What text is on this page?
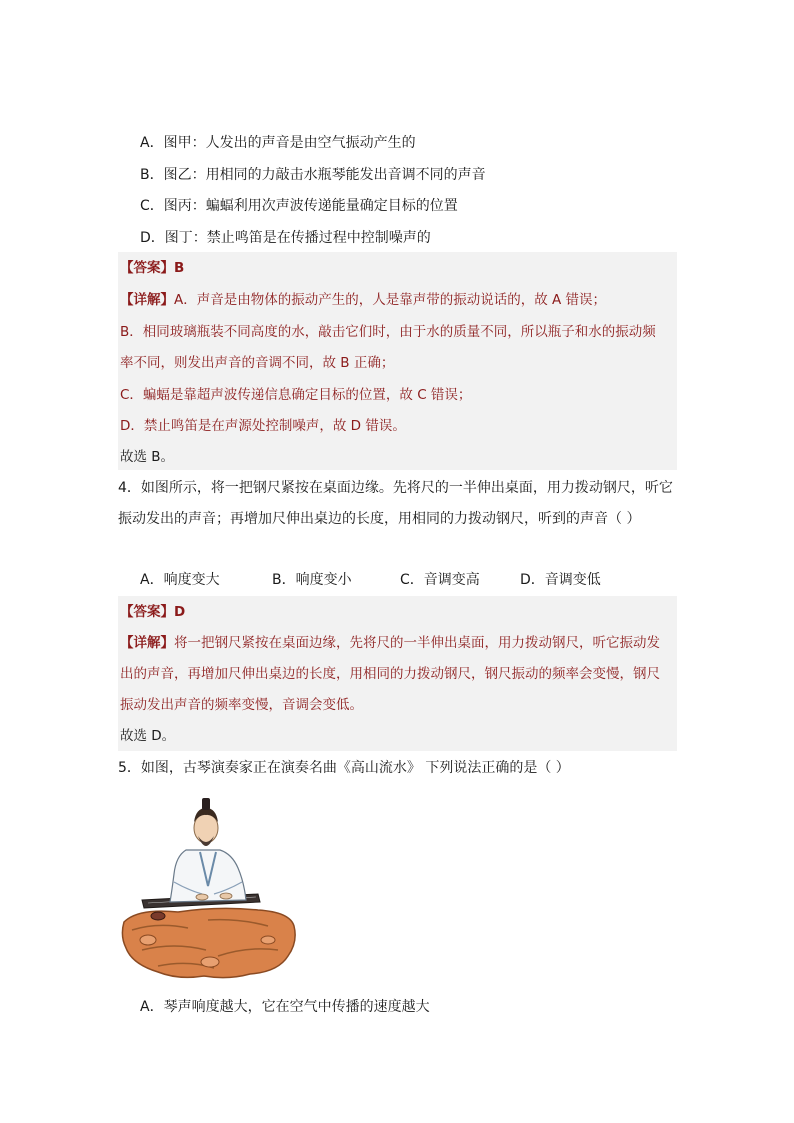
A．图甲：人发出的声音是由空气振动产生的
B．图乙：用相同的力敲击水瓶琴能发出音调不同的声音
C．图丙：蝙蝠利用次声波传递能量确定目标的位置
D．图丁：禁止鸣笛是在传播过程中控制噪声的
【答案】B
【详解】A．声音是由物体的振动产生的，人是靠声带的振动说话的，故 A 错误；
B．相同玻璃瓶装不同高度的水，敲击它们时，由于水的质量不同，所以瓶子和水的振动频
率不同，则发出声音的音调不同，故 B 正确；
C．蝙蝠是靠超声波传递信息确定目标的位置，故 C 错误；
D．禁止鸣笛是在声源处控制噪声，故 D 错误。
故选 B。
4．如图所示，将一把钢尺紧按在桌面边缘。先将尺的一半伸出桌面，用力拨动钢尺，听它
振动发出的声音；再增加尺伸出桌边的长度，用相同的力拨动钢尺，听到的声音（ ）
A．响度变大	B．响度变小	C．音调变高	D．音调变低
【答案】D
【详解】将一把钢尺紧按在桌面边缘，先将尺的一半伸出桌面，用力拨动钢尺，听它振动发
出的声音，再增加尺伸出桌边的长度，用相同的力拨动钢尺，钢尺振动的频率会变慢，钢尺
振动发出声音的频率变慢，音调会变低。
故选 D。
5．如图，古琴演奏家正在演奏名曲《高山流水》 下列说法正确的是（ ）
A．琴声响度越大，它在空气中传播的速度越大
